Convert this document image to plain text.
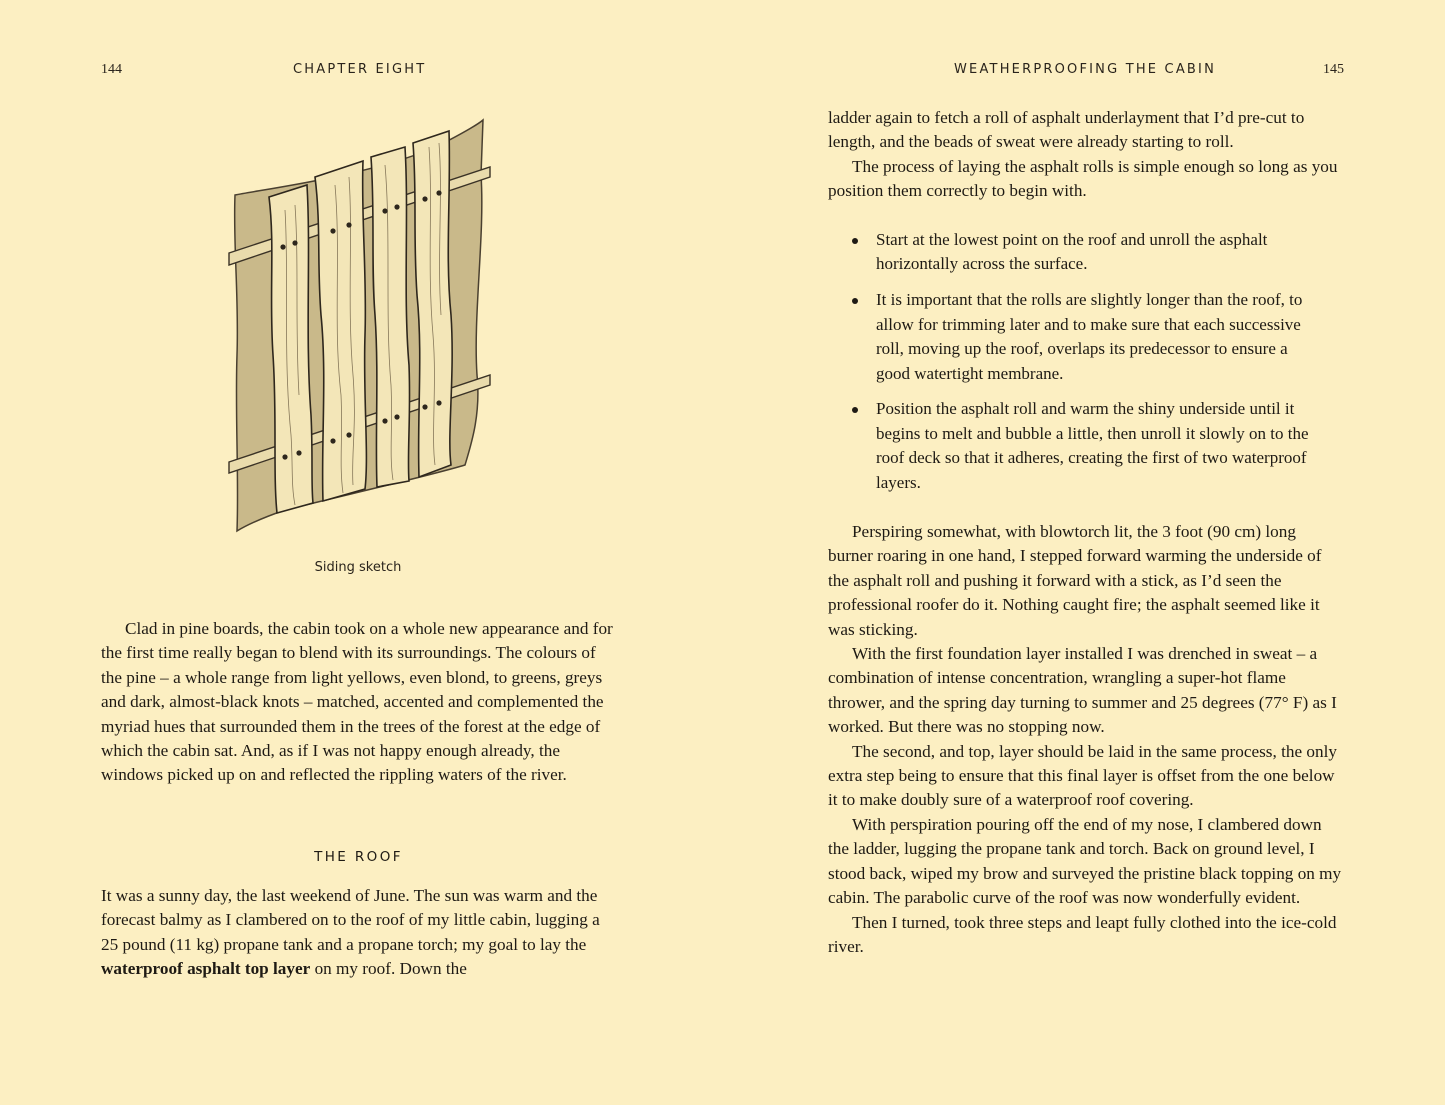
144	CHAPTER EIGHT
Siding sketch

Clad in pine boards, the cabin took on a whole new appearance and for the first time really began to blend with its surroundings. The colours of the pine – a whole range from light yellows, even blond, to greens, greys and dark, almost-black knots – matched, accented and complemented the myriad hues that surrounded them in the trees of the forest at the edge of which the cabin sat. And, as if I was not happy enough already, the windows picked up on and reflected the rippling waters of the river.

THE ROOF

It was a sunny day, the last weekend of June. The sun was warm and the forecast balmy as I clambered on to the roof of my little cabin, lugging a 25 pound (11 kg) propane tank and a propane torch; my goal to lay the waterproof asphalt top layer on my roof. Down the

WEATHERPROOFING THE CABIN	145

ladder again to fetch a roll of asphalt underlayment that I’d pre-cut to length, and the beads of sweat were already starting to roll.

The process of laying the asphalt rolls is simple enough so long as you position them correctly to begin with.

Start at the lowest point on the roof and unroll the asphalt horizontally across the surface.
It is important that the rolls are slightly longer than the roof, to allow for trimming later and to make sure that each successive roll, moving up the roof, overlaps its predecessor to ensure a good watertight membrane.
Position the asphalt roll and warm the shiny underside until it begins to melt and bubble a little, then unroll it slowly on to the roof deck so that it adheres, creating the first of two waterproof layers.

Perspiring somewhat, with blowtorch lit, the 3 foot (90 cm) long burner roaring in one hand, I stepped forward warming the underside of the asphalt roll and pushing it forward with a stick, as I’d seen the professional roofer do it. Nothing caught fire; the asphalt seemed like it was sticking.

With the first foundation layer installed I was drenched in sweat – a combination of intense concentration, wrangling a super-hot flame thrower, and the spring day turning to summer and 25 degrees (77° F) as I worked. But there was no stopping now.

The second, and top, layer should be laid in the same process, the only extra step being to ensure that this final layer is offset from the one below it to make doubly sure of a waterproof roof covering.

With perspiration pouring off the end of my nose, I clambered down the ladder, lugging the propane tank and torch. Back on ground level, I stood back, wiped my brow and surveyed the pristine black topping on my cabin. The parabolic curve of the roof was now wonderfully evident.

Then I turned, took three steps and leapt fully clothed into the ice-cold river.
